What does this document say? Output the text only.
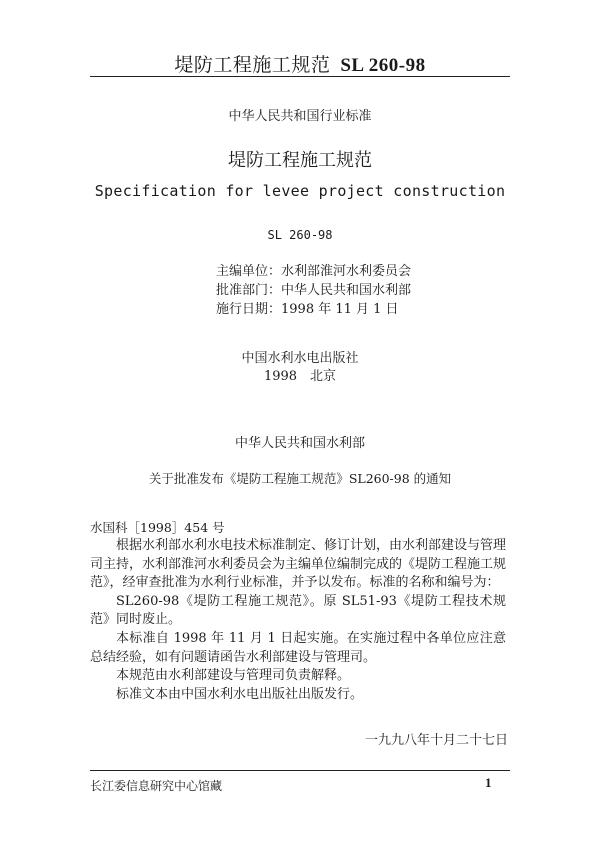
堤防工程施工规范 SL 260-98
中华人民共和国行业标准
堤防工程施工规范
Specification for levee project construction
SL 260-98
主编单位：水利部淮河水利委员会
批准部门：中华人民共和国水利部
施行日期：1998 年 11 月 1 日
中国水利水电出版社
1998　北京
中华人民共和国水利部
关于批准发布《堤防工程施工规范》SL260-98 的通知
水国科［1998］454 号

根据水利部水利水电技术标准制定、修订计划，由水利部建设与管理司主持，水利部淮河水利委员会为主编单位编制完成的《堤防工程施工规范》，经审查批准为水利行业标准，并予以发布。标准的名称和编号为：

SL260-98《堤防工程施工规范》。原 SL51-93《堤防工程技术规范》同时废止。

本标准自 1998 年 11 月 1 日起实施。在实施过程中各单位应注意总结经验，如有问题请函告水利部建设与管理司。

本规范由水利部建设与管理司负责解释。

标准文本由中国水利水电出版社出版发行。

一九九八年十月二十七日
长江委信息研究中心馆藏	1
